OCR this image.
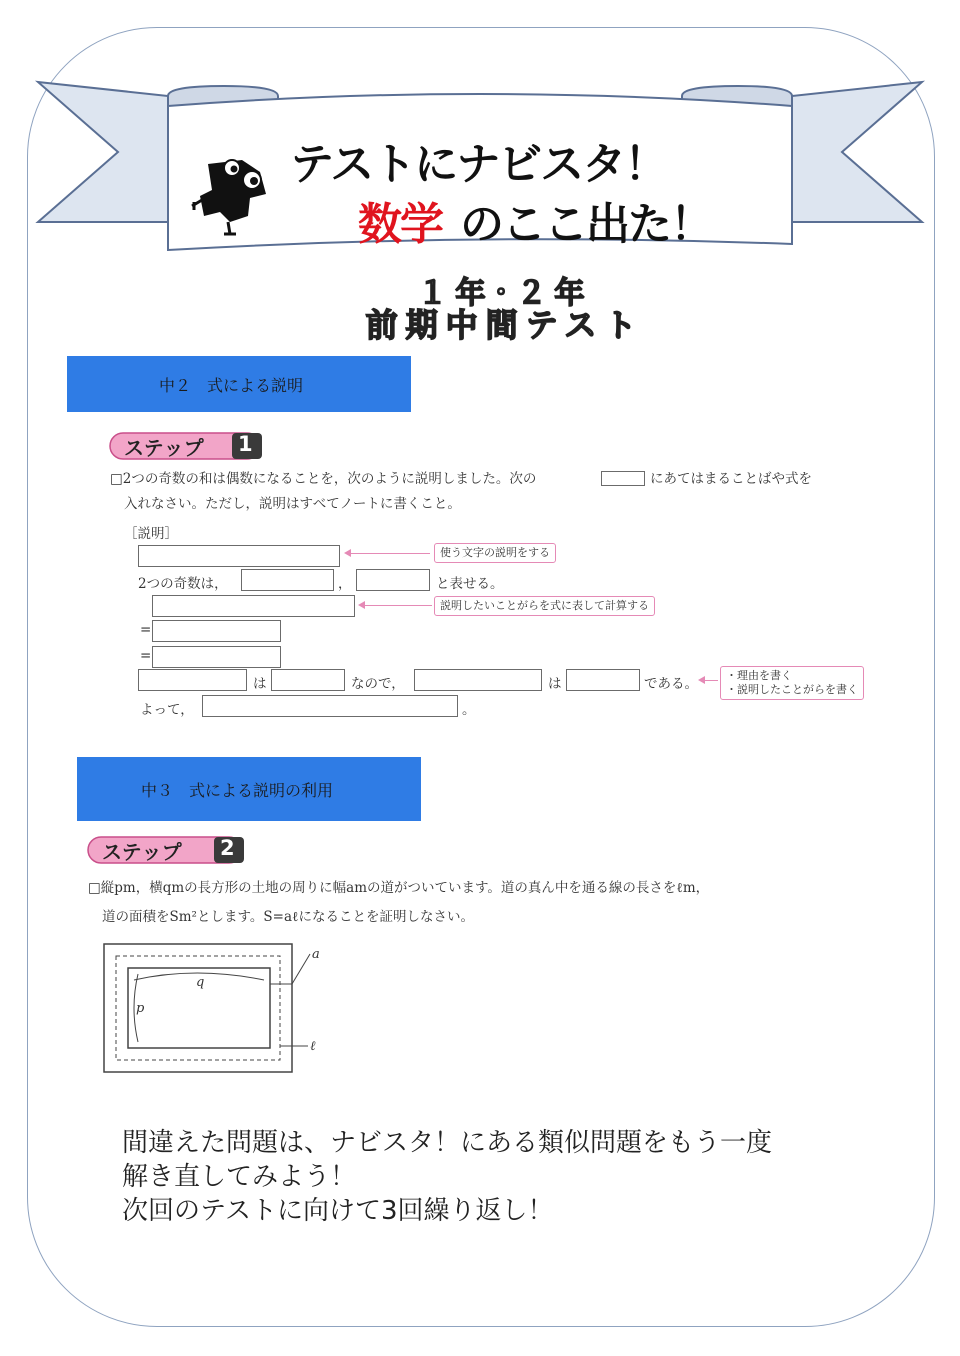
テストにナビスタ！
数学 のここ出た！
１年･２年
前期中間テスト
中２　式による説明
ステップ 1
□2つの奇数の和は偶数になることを，次のように説明しました。次の	にあてはまることばや式を
入れなさい。ただし，説明はすべてノートに書くこと。
［説明］
使う文字の説明をする
2つの奇数は，	，	と表せる。
説明したいことがらを式に表して計算する
=
=
は	なので，	は	である。
・理由を書く
・説明したことがらを書く
よって，	。
中３　式による説明の利用
ステップ 2
□縦pm，横qmの長方形の土地の周りに幅amの道がついています。道の真ん中を通る線の長さをℓm，
道の面積をSm²とします。S=aℓになることを証明しなさい。
a
q
p
ℓ
間違えた問題は、ナビスタ！にある類似問題をもう一度
解き直してみよう！
次回のテストに向けて3回繰り返し！
